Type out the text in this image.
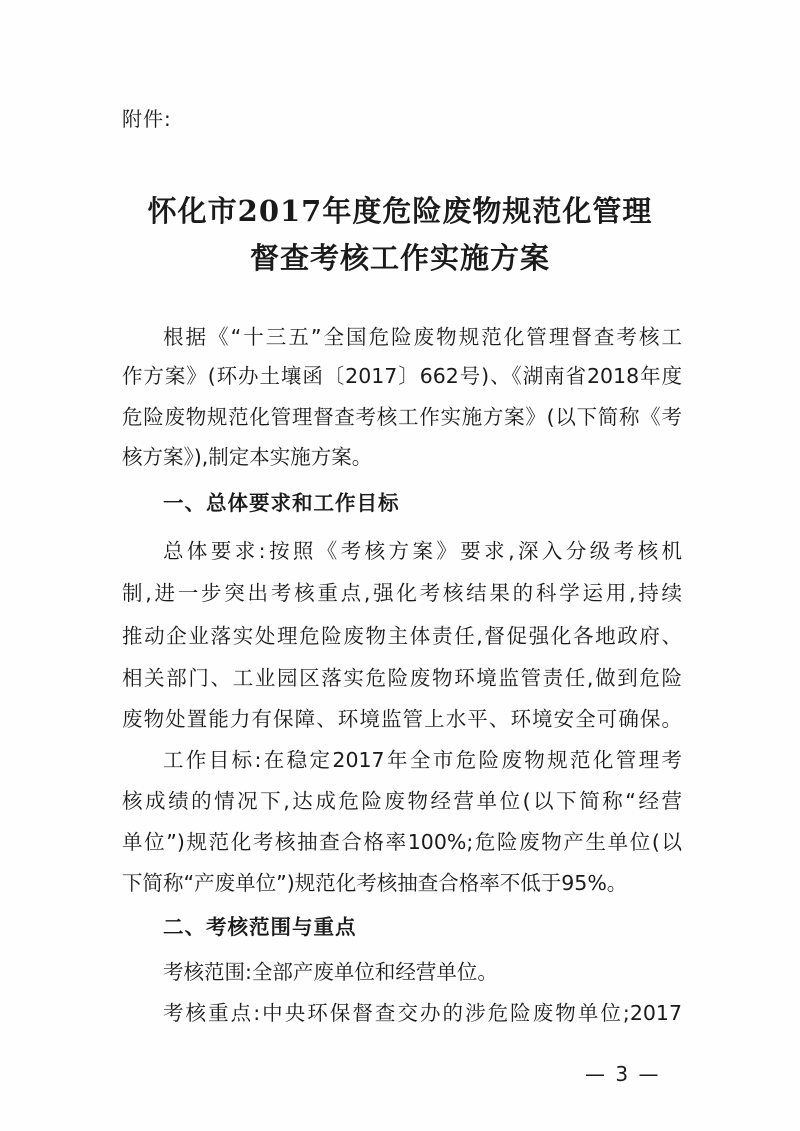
附件:
怀化市2017年度危险废物规范化管理
督查考核工作实施方案
根据《“十三五”全国危险废物规范化管理督查考核工
作方案》(环办土壤函〔2017〕662号)、《湖南省2018年度
危险废物规范化管理督查考核工作实施方案》(以下简称《考
核方案》),制定本实施方案。
一、总体要求和工作目标
总体要求:按照《考核方案》要求,深入分级考核机
制,进一步突出考核重点,强化考核结果的科学运用,持续
推动企业落实处理危险废物主体责任,督促强化各地政府、
相关部门、工业园区落实危险废物环境监管责任,做到危险
废物处置能力有保障、环境监管上水平、环境安全可确保。
工作目标:在稳定2017年全市危险废物规范化管理考
核成绩的情况下,达成危险废物经营单位(以下简称“经营
单位”)规范化考核抽查合格率100%;危险废物产生单位(以
下简称“产废单位”)规范化考核抽查合格率不低于95%。
二、考核范围与重点
考核范围:全部产废单位和经营单位。
考核重点:中央环保督查交办的涉危险废物单位;2017
— 3 —
